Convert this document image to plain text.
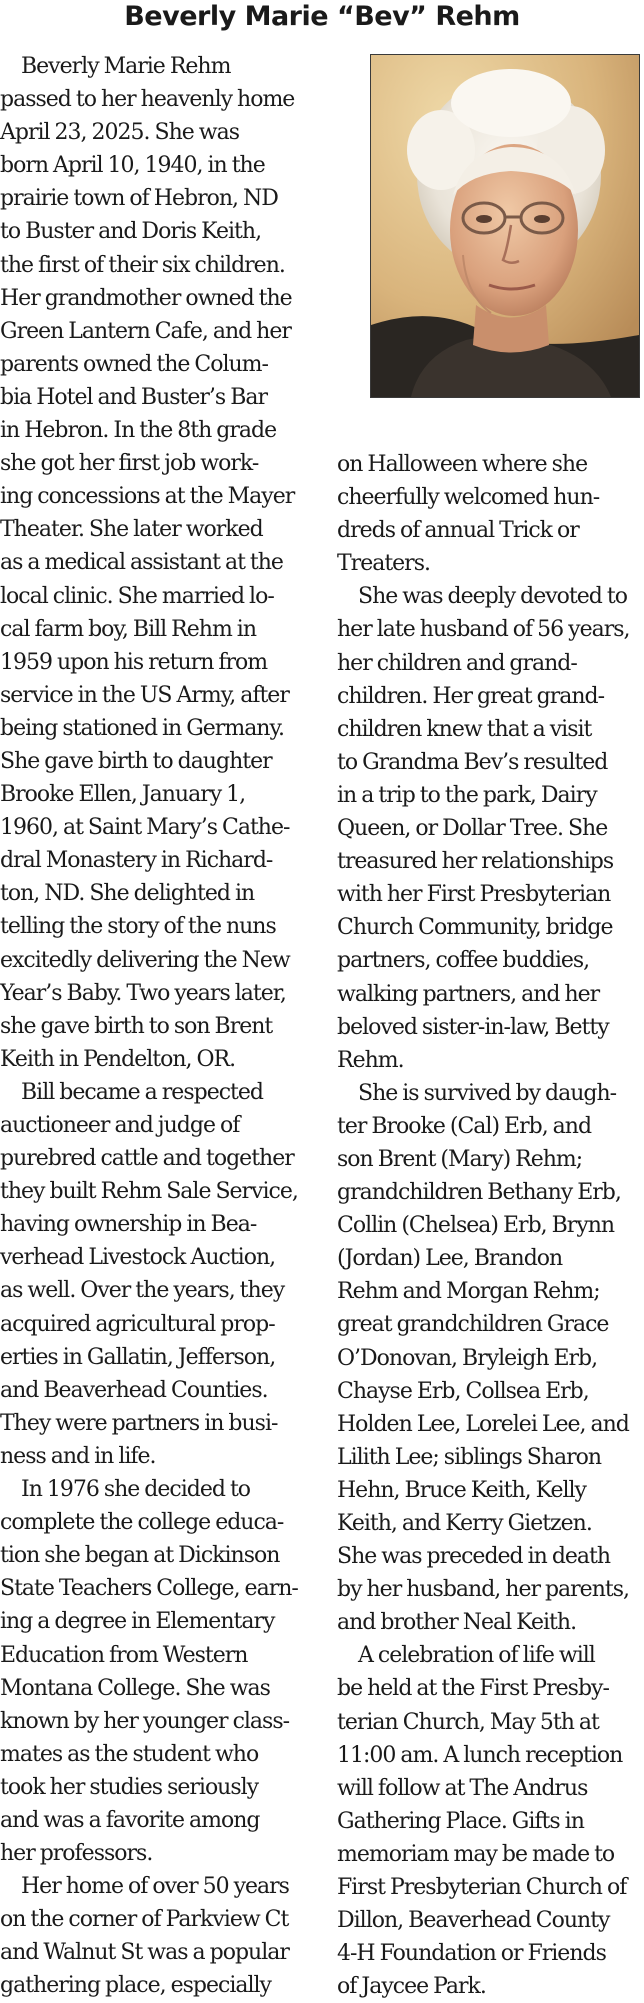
Beverly Marie “Bev” Rehm
 Beverly Marie Rehm
passed to her heavenly home
April 23, 2025. She was
born April 10, 1940, in the
prairie town of Hebron, ND
to Buster and Doris Keith,
the first of their six children.
Her grandmother owned the
Green Lantern Cafe, and her
parents owned the Colum-
bia Hotel and Buster’s Bar
in Hebron. In the 8th grade
she got her first job work-
ing concessions at the Mayer
Theater. She later worked
as a medical assistant at the
local clinic. She married lo-
cal farm boy, Bill Rehm in
1959 upon his return from
service in the US Army, after
being stationed in Germany.
She gave birth to daughter
Brooke Ellen, January 1,
1960, at Saint Mary’s Cathe-
dral Monastery in Richard-
ton, ND. She delighted in
telling the story of the nuns
excitedly delivering the New
Year’s Baby. Two years later,
she gave birth to son Brent
Keith in Pendelton, OR.
 Bill became a respected
auctioneer and judge of
purebred cattle and together
they built Rehm Sale Service,
having ownership in Bea-
verhead Livestock Auction,
as well. Over the years, they
acquired agricultural prop-
erties in Gallatin, Jefferson,
and Beaverhead Counties.
They were partners in busi-
ness and in life.
 In 1976 she decided to
complete the college educa-
tion she began at Dickinson
State Teachers College, earn-
ing a degree in Elementary
Education from Western
Montana College. She was
known by her younger class-
mates as the student who
took her studies seriously
and was a favorite among
her professors.
 Her home of over 50 years
on the corner of Parkview Ct
and Walnut St was a popular
gathering place, especially
on Halloween where she
cheerfully welcomed hun-
dreds of annual Trick or
Treaters.
 She was deeply devoted to
her late husband of 56 years,
her children and grand-
children. Her great grand-
children knew that a visit
to Grandma Bev’s resulted
in a trip to the park, Dairy
Queen, or Dollar Tree. She
treasured her relationships
with her First Presbyterian
Church Community, bridge
partners, coffee buddies,
walking partners, and her
beloved sister-in-law, Betty
Rehm.
 She is survived by daugh-
ter Brooke (Cal) Erb, and
son Brent (Mary) Rehm;
grandchildren Bethany Erb,
Collin (Chelsea) Erb, Brynn
(Jordan) Lee, Brandon
Rehm and Morgan Rehm;
great grandchildren Grace
O’Donovan, Bryleigh Erb,
Chayse Erb, Collsea Erb,
Holden Lee, Lorelei Lee, and
Lilith Lee; siblings Sharon
Hehn, Bruce Keith, Kelly
Keith, and Kerry Gietzen.
She was preceded in death
by her husband, her parents,
and brother Neal Keith.
 A celebration of life will
be held at the First Presby-
terian Church, May 5th at
11:00 am. A lunch reception
will follow at The Andrus
Gathering Place. Gifts in
memoriam may be made to
First Presbyterian Church of
Dillon, Beaverhead County
4-H Foundation or Friends
of Jaycee Park.
